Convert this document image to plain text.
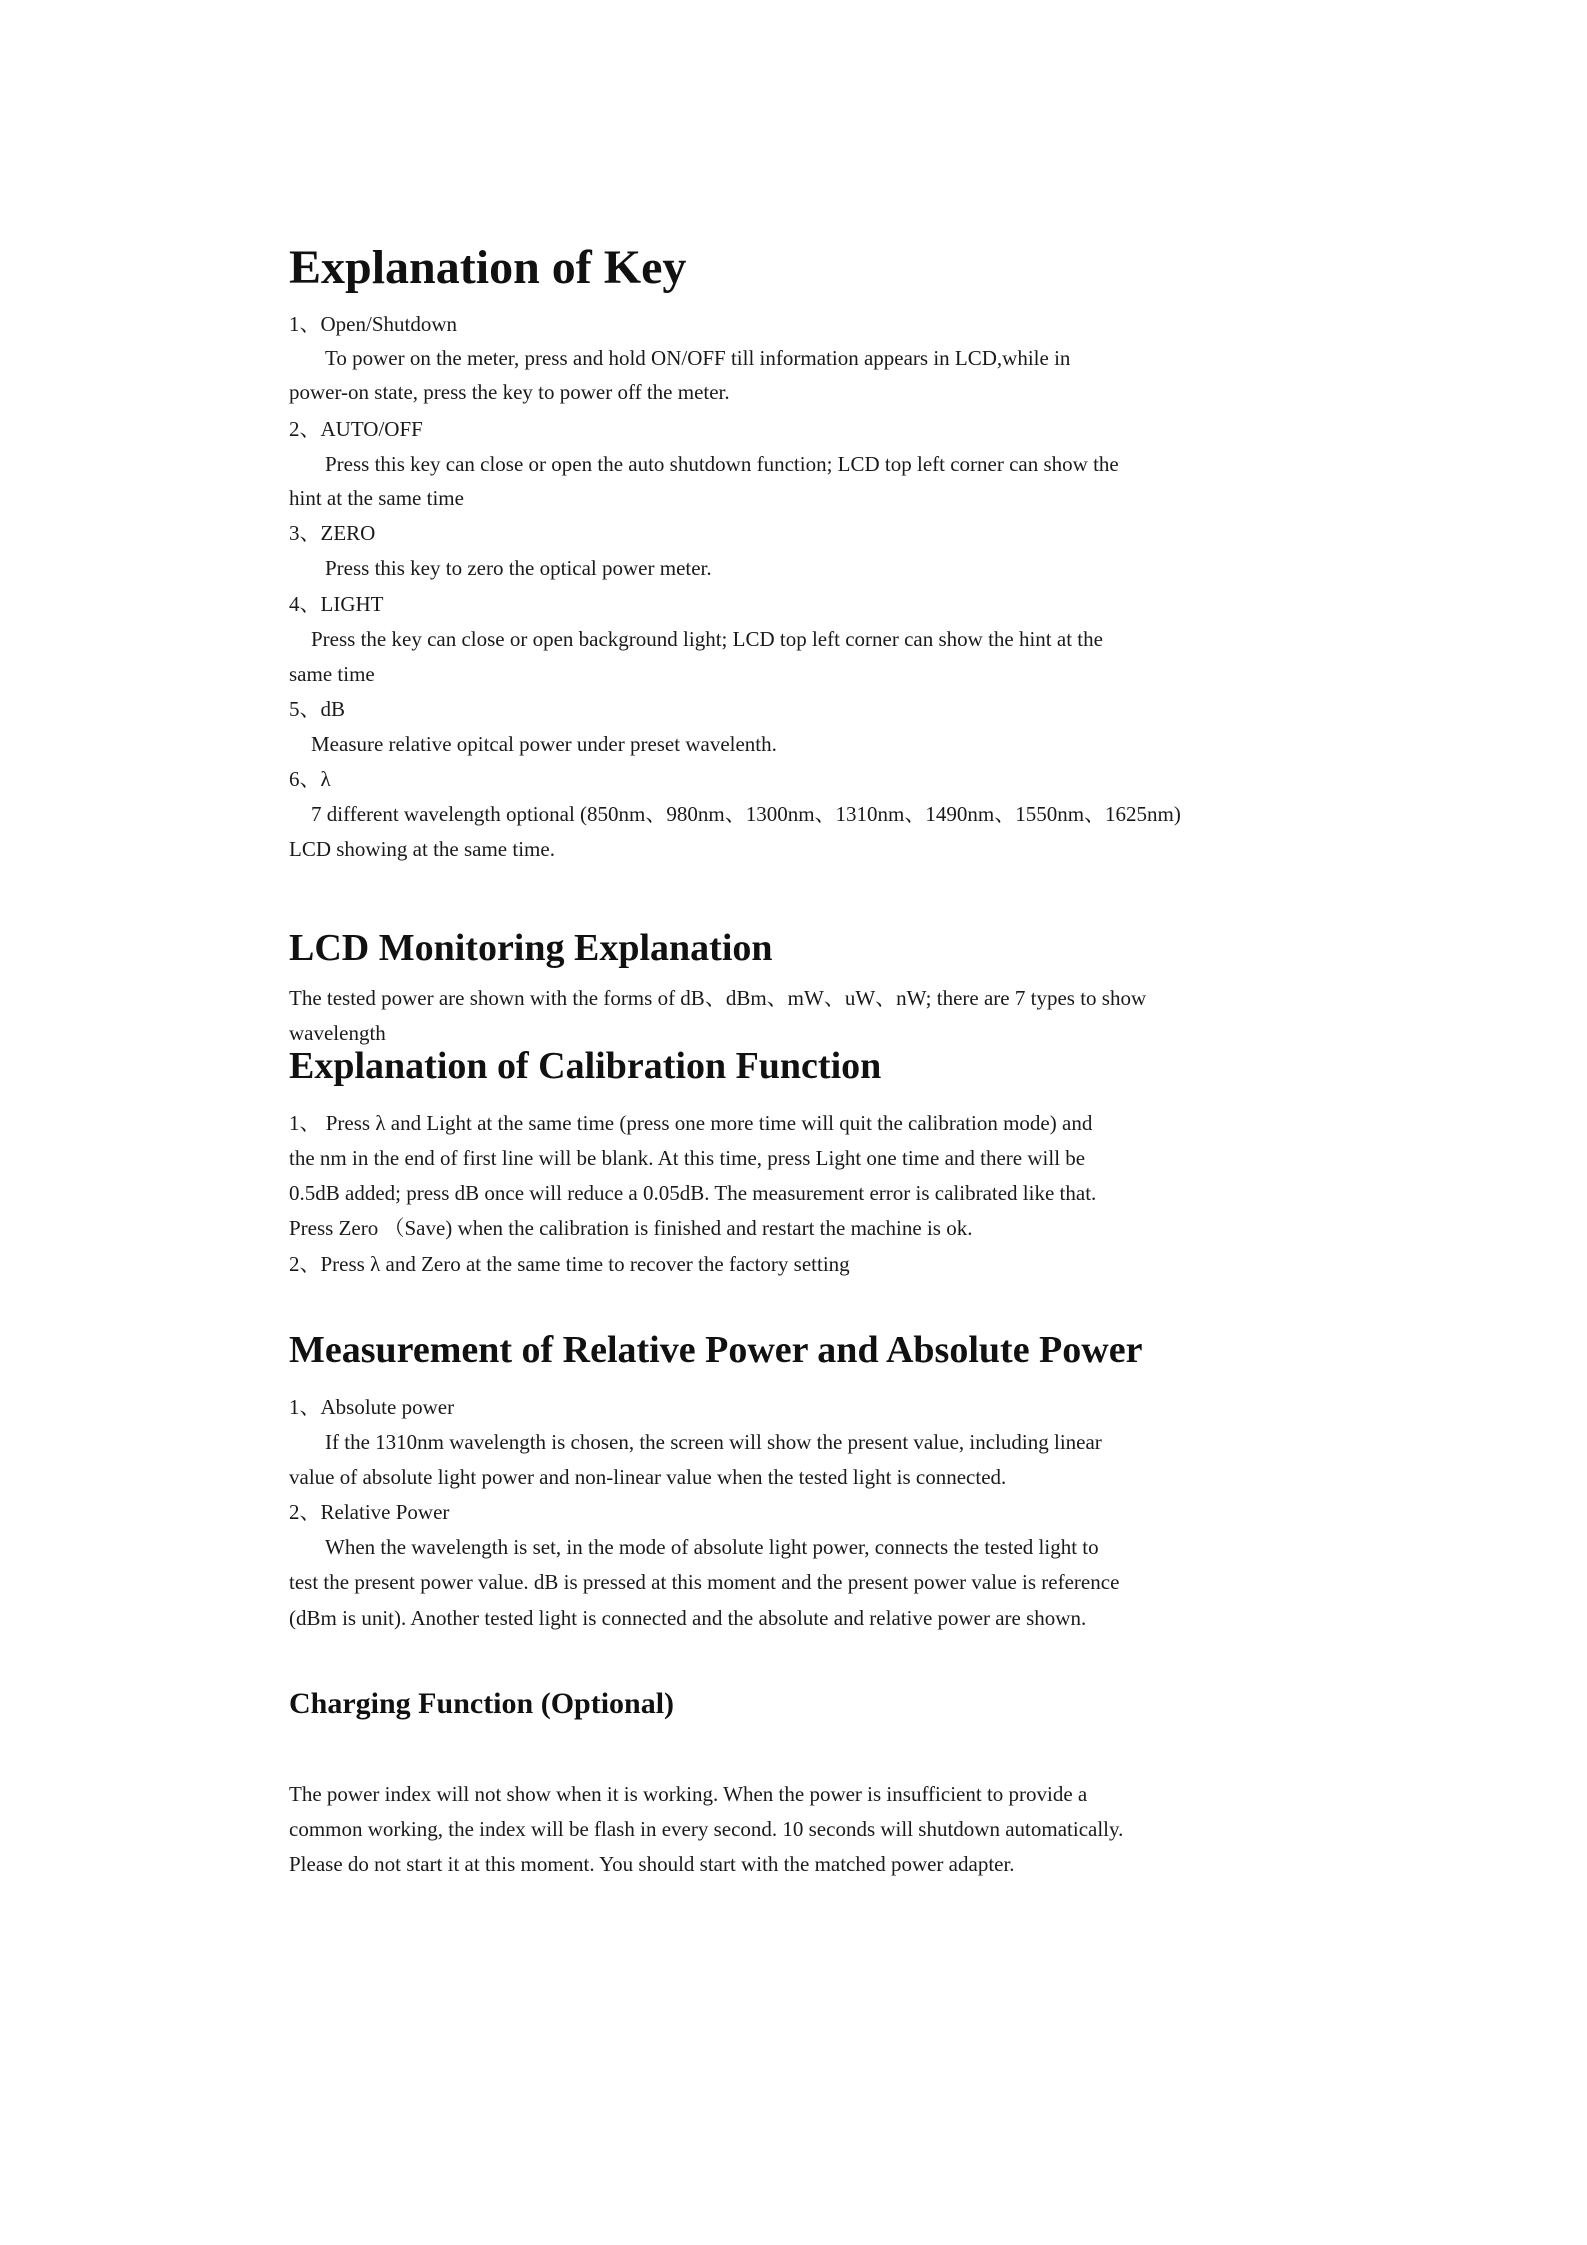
Explanation of Key
1、Open/Shutdown
To power on the meter, press and hold ON/OFF till information appears in LCD,while in
power-on state, press the key to power off the meter.
2、AUTO/OFF
Press this key can close or open the auto shutdown function; LCD top left corner can show the
hint at the same time
3、ZERO
Press this key to zero the optical power meter.
4、LIGHT
Press the key can close or open background light; LCD top left corner can show the hint at the
same time
5、dB
Measure relative opitcal power under preset wavelenth.
6、λ
7 different wavelength optional (850nm、980nm、1300nm、1310nm、1490nm、1550nm、1625nm)
LCD showing at the same time.
LCD Monitoring Explanation
The tested power are shown with the forms of dB、dBm、mW、uW、nW; there are 7 types to show
wavelength
Explanation of Calibration Function
1、 Press λ and Light at the same time (press one more time will quit the calibration mode) and
the nm in the end of first line will be blank. At this time, press Light one time and there will be
0.5dB added; press dB once will reduce a 0.05dB. The measurement error is calibrated like that.
Press Zero （Save) when the calibration is finished and restart the machine is ok.
2、Press λ and Zero at the same time to recover the factory setting
Measurement of Relative Power and Absolute Power
1、Absolute power
If the 1310nm wavelength is chosen, the screen will show the present value, including linear
value of absolute light power and non-linear value when the tested light is connected.
2、Relative Power
When the wavelength is set, in the mode of absolute light power, connects the tested light to
test the present power value. dB is pressed at this moment and the present power value is reference
(dBm is unit). Another tested light is connected and the absolute and relative power are shown.
Charging Function (Optional)
The power index will not show when it is working. When the power is insufficient to provide a
common working, the index will be flash in every second. 10 seconds will shutdown automatically.
Please do not start it at this moment. You should start with the matched power adapter.
